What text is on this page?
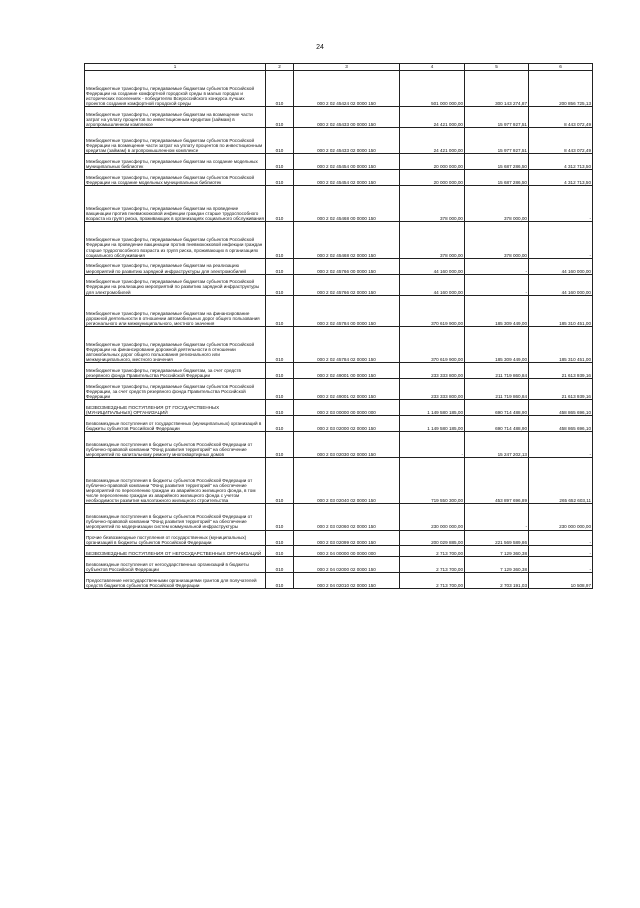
24
1	2	3	4	5	6
Межбюджетные трансферты, передаваемые бюджетам субъектов Российской Федерации на создание комфортной городской среды в малых городах и исторических поселениях - победителях Всероссийского конкурса лучших проектов создания комфортной городской среды	010	000 2 02 45424 02 0000 150	501 000 000,00	300 143 274,87	200 856 725,13
Межбюджетные трансферты, передаваемые бюджетам на возмещение части затрат на уплату процентов по инвестиционным кредитам (займам) в агропромышленном комплексе	010	000 2 02 45433 00 0000 150	24 421 000,00	15 977 927,51	8 443 072,49
Межбюджетные трансферты, передаваемые бюджетам субъектов Российской Федерации на возмещение части затрат на уплату процентов по инвестиционным кредитам (займам) в агропромышленном комплексе	010	000 2 02 45433 02 0000 150	24 421 000,00	15 977 927,51	8 443 072,49
Межбюджетные трансферты, передаваемые бюджетам на создание модельных муниципальных библиотек	010	000 2 02 45454 00 0000 150	20 000 000,00	15 687 286,50	4 312 713,50
Межбюджетные трансферты, передаваемые бюджетам субъектов Российской Федерации на создание модельных муниципальных библиотек	010	000 2 02 45454 02 0000 150	20 000 000,00	15 687 286,50	4 312 713,50
Межбюджетные трансферты, передаваемые бюджетам на проведение вакцинации против пневмококковой инфекции граждан старше трудоспособного возраста из групп риска, проживающих в организациях социального обслуживания	010	000 2 02 45468 00 0000 150	378 000,00	378 000,00	-
Межбюджетные трансферты, передаваемые бюджетам субъектов Российской Федерации на проведение вакцинации против пневмококковой инфекции граждан старше трудоспособного возраста из групп риска, проживающих в организациях социального обслуживания	010	000 2 02 45468 02 0000 150	378 000,00	378 000,00	-
Межбюджетные трансферты, передаваемые бюджетам на реализацию мероприятий по развитию зарядной инфраструктуры для электромобилей	010	000 2 02 45766 00 0000 150	44 160 000,00	-	44 160 000,00
Межбюджетные трансферты, передаваемые бюджетам субъектов Российской Федерации на реализацию мероприятий по развитию зарядной инфраструктуры для электромобилей	010	000 2 02 45766 02 0000 150	44 160 000,00	-	44 160 000,00
Межбюджетные трансферты, передаваемые бюджетам на финансирование дорожной деятельности в отношении автомобильных дорог общего пользования регионального или межмуниципального, местного значения	010	000 2 02 45784 00 0000 150	370 619 900,00	185 309 449,00	185 310 451,00
Межбюджетные трансферты, передаваемые бюджетам субъектов Российской Федерации на финансирование дорожной деятельности в отношении автомобильных дорог общего пользования регионального или межмуниципального, местного значения	010	000 2 02 45784 02 0000 150	370 619 900,00	185 309 449,00	185 310 451,00
Межбюджетные трансферты, передаваемые бюджетам, за счет средств резервного фонда Правительства Российской Федерации	010	000 2 02 49001 00 0000 150	233 333 800,00	211 719 860,84	21 613 939,16
Межбюджетные трансферты, передаваемые бюджетам субъектов Российской Федерации, за счет средств резервного фонда Правительства Российской Федерации	010	000 2 02 49001 02 0000 150	233 333 800,00	211 719 860,84	21 613 939,16
БЕЗВОЗМЕЗДНЫЕ ПОСТУПЛЕНИЯ ОТ ГОСУДАРСТВЕННЫХ (МУНИЦИПАЛЬНЫХ) ОРГАНИЗАЦИЙ	010	000 2 03 00000 00 0000 000	1 149 580 185,00	690 714 488,90	458 865 696,10
Безвозмездные поступления от государственных (муниципальных) организаций в бюджеты субъектов Российской Федерации	010	000 2 03 02000 02 0000 150	1 149 580 185,00	690 714 488,90	458 865 696,10
Безвозмездные поступления в бюджеты субъектов Российской Федерации от публично-правовой компании "Фонд развития территорий" на обеспечение мероприятий по капитальному ремонту многоквартирных домов	010	000 2 03 02030 02 0000 150	-	15 247 202,13	-
Безвозмездные поступления в бюджеты субъектов Российской Федерации от публично-правовой компании "Фонд развития территорий" на обеспечение мероприятий по переселению граждан из аварийного жилищного фонда, в том числе переселению граждан из аварийного жилищного фонда с учетом необходимости развития малоэтажного жилищного строительства	010	000 2 03 02040 02 0000 150	719 550 300,00	453 897 696,89	265 652 603,11
Безвозмездные поступления в бюджеты субъектов Российской Федерации от публично-правовой компании "Фонд развития территорий" на обеспечение мероприятий по модернизации систем коммунальной инфраструктуры	010	000 2 03 02060 02 0000 150	230 000 000,00	-	230 000 000,00
Прочие безвозмездные поступления от государственных (муниципальных) организаций в бюджеты субъектов Российской Федерации	010	000 2 03 02099 02 0000 150	200 029 885,00	221 569 589,86	-
БЕЗВОЗМЕЗДНЫЕ ПОСТУПЛЕНИЯ ОТ НЕГОСУДАРСТВЕННЫХ ОРГАНИЗАЦИЙ	010	000 2 04 00000 00 0000 000	2 713 700,00	7 129 360,38	-
Безвозмездные поступления от негосударственных организаций в бюджеты субъектов Российской Федерации	010	000 2 04 02000 02 0000 150	2 713 700,00	7 129 360,38	-
Предоставление негосударственными организациями грантов для получателей средств бюджетов субъектов Российской Федерации	010	000 2 04 02010 02 0000 150	2 713 700,00	2 703 191,03	10 508,97
